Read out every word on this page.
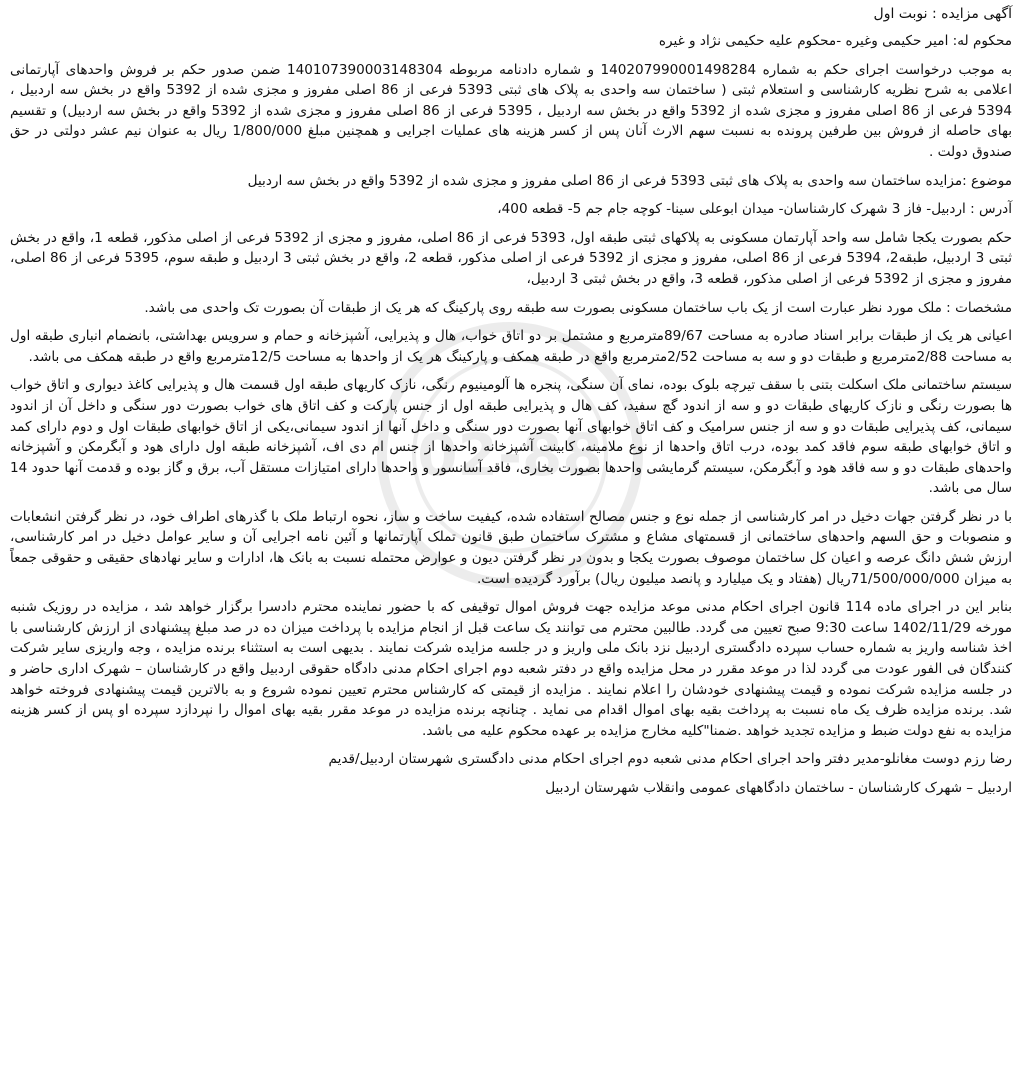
02-88

آگهی مزایده : نوبت اول

محکوم له: امیر حکیمی وغیره -محکوم علیه حکیمی نژاد و غیره

به موجب درخواست اجرای حکم به شماره 140207990001498284 و شماره دادنامه مربوطه 140107390003148304 ضمن صدور حکم بر فروش واحدهای آپارتمانی اعلامی به شرح نظریه کارشناسی و استعلام ثبتی ( ساختمان سه واحدی به پلاک های ثبتی 5393 فرعی از 86 اصلی مفروز و مجزی شده از 5392 واقع در بخش سه اردبیل ، 5394 فرعی از 86 اصلی مفروز و مجزی شده از 5392 واقع در بخش سه اردبیل ، 5395 فرعی از 86 اصلی مفروز و مجزی شده از 5392 واقع در بخش سه اردبیل) و تقسیم بهای حاصله از فروش بین طرفین پرونده به نسبت سهم الارث آنان پس از کسر هزینه های عملیات اجرایی و همچنین مبلغ 1/800/000 ریال به عنوان نیم عشر دولتی در حق صندوق دولت .

موضوع :مزایده ساختمان سه واحدی به پلاک های ثبتی 5393 فرعی از 86 اصلی مفروز و مجزی شده از 5392 واقع در بخش سه اردبیل

آدرس : اردبیل- فاز 3 شهرک کارشناسان- میدان ابوعلی سینا- کوچه جام جم 5- قطعه 400،

حکم بصورت یکجا شامل سه واحد آپارتمان مسکونی به پلاکهای ثبتی طبقه اول، 5393 فرعی از 86 اصلی، مفروز و مجزی از 5392 فرعی از اصلی مذکور، قطعه 1، واقع در بخش ثبتی 3 اردبیل، طبقه2، 5394 فرعی از 86 اصلی، مفروز و مجزی از 5392 فرعی از اصلی مذکور، قطعه 2، واقع در بخش ثبتی 3 اردبیل و طبقه سوم، 5395 فرعی از 86 اصلی، مفروز و مجزی از 5392 فرعی از اصلی مذکور، قطعه 3، واقع در بخش ثبتی 3 اردبیل،

مشخصات : ملک مورد نظر عبارت است از یک باب ساختمان مسکونی بصورت سه طبقه روی پارکینگ که هر یک از طبقات آن بصورت تک واحدی می باشد.

اعیانی هر یک از طبقات برابر اسناد صادره به مساحت 89/67مترمربع و مشتمل بر دو اتاق خواب، هال و پذیرایی، آشپزخانه و حمام و سرویس بهداشتی، بانضمام انباری طبقه اول به مساحت 2/88مترمربع و طبقات دو و سه به مساحت 2/52مترمربع واقع در طبقه همکف و پارکینگ هر یک از واحدها به مساحت 12/5مترمربع واقع در طبقه همکف می باشد.

سیستم ساختمانی ملک اسکلت بتنی با سقف تیرچه بلوک بوده، نمای آن سنگی، پنجره ها آلومینیوم رنگی، نازک کاریهای طبقه اول قسمت هال و پذیرایی کاغذ دیواری و اتاق خواب ها بصورت رنگی و نازک کاریهای طبقات دو و سه از اندود گچ سفید، کف هال و پذیرایی طبقه اول از جنس پارکت و کف اتاق های خواب بصورت دور سنگی و داخل آن از اندود سیمانی، کف پذیرایی طبقات دو و سه از جنس سرامیک و کف اتاق خوابهای آنها بصورت دور سنگی و داخل آنها از اندود سیمانی،یکی از اتاق خوابهای طبقات اول و دوم دارای کمد و اتاق خوابهای طبقه سوم فاقد کمد بوده، درب اتاق واحدها از نوع ملامینه، کابینت آشپزخانه واحدها از جنس ام دی اف، آشپزخانه طبقه اول دارای هود و آبگرمکن و آشپزخانه واحدهای طبقات دو و سه فاقد هود و آبگرمکن، سیستم گرمایشی واحدها بصورت بخاری، فاقد آسانسور و واحدها دارای امتیازات مستقل آب، برق و گاز بوده و قدمت آنها حدود 14 سال می باشد.

با در نظر گرفتن جهات دخیل در امر کارشناسی از جمله نوع و جنس مصالح استفاده شده، کیفیت ساخت و ساز، نحوه ارتباط ملک با گذرهای اطراف خود، در نظر گرفتن انشعابات و منصوبات و حق السهم واحدهای ساختمانی از قسمتهای مشاع و مشترک ساختمان طبق قانون تملک آپارتمانها و آئین نامه اجرایی آن و سایر عوامل دخیل در امر کارشناسی، ارزش شش دانگ عرصه و اعیان کل ساختمان موصوف بصورت یکجا و بدون در نظر گرفتن دیون و عوارض محتمله نسبت به بانک ها، ادارات و سایر نهادهای حقیقی و حقوقی جمعاً به میزان 71/500/000/000ریال (هفتاد و یک میلیارد و پانصد میلیون ریال) برآورد گردیده است.

بنابر این در اجرای ماده 114 قانون اجرای احکام مدنی موعد مزایده جهت فروش اموال توقیفی که با حضور نماینده محترم دادسرا برگزار خواهد شد ، مزایده در روزیک شنبه مورخه 1402/11/29 ساعت 9:30 صبح تعیین می گردد. طالبین محترم می توانند یک ساعت قبل از انجام مزایده با پرداخت میزان ده در صد مبلغ پیشنهادی از ارزش کارشناسی با اخذ شناسه واریز به شماره حساب سپرده دادگستری اردبیل نزد بانک ملی واریز و در جلسه مزایده شرکت نمایند . بدیهی است به استثناء برنده مزایده ، وجه واریزی سایر شرکت کنندگان فی الفور عودت می گردد لذا در موعد مقرر در محل مزایده واقع در دفتر شعبه دوم اجرای احکام مدنی دادگاه حقوقی اردبیل واقع در کارشناسان – شهرک اداری حاضر و در جلسه مزایده شرکت نموده و قیمت پیشنهادی خودشان را اعلام نمایند . مزایده از قیمتی که کارشناس محترم تعیین نموده شروع و به بالاترین قیمت پیشنهادی فروخته خواهد شد. برنده مزایده ظرف یک ماه نسبت به پرداخت بقیه بهای اموال اقدام می نماید . چنانچه برنده مزایده در موعد مقرر بقیه بهای اموال را نپردازد سپرده او پس از کسر هزینه مزایده به نفع دولت ضبط و مزایده تجدید خواهد .ضمنا"کلیه مخارج مزایده بر عهده محکوم علیه می باشد.

رضا رزم دوست مغانلو-مدیر دفتر واحد اجرای احکام مدنی شعبه دوم اجرای احکام مدنی دادگستری شهرستان اردبیل/قدیم

اردبیل – شهرک کارشناسان - ساختمان دادگاههای عمومی وانقلاب شهرستان اردبیل
